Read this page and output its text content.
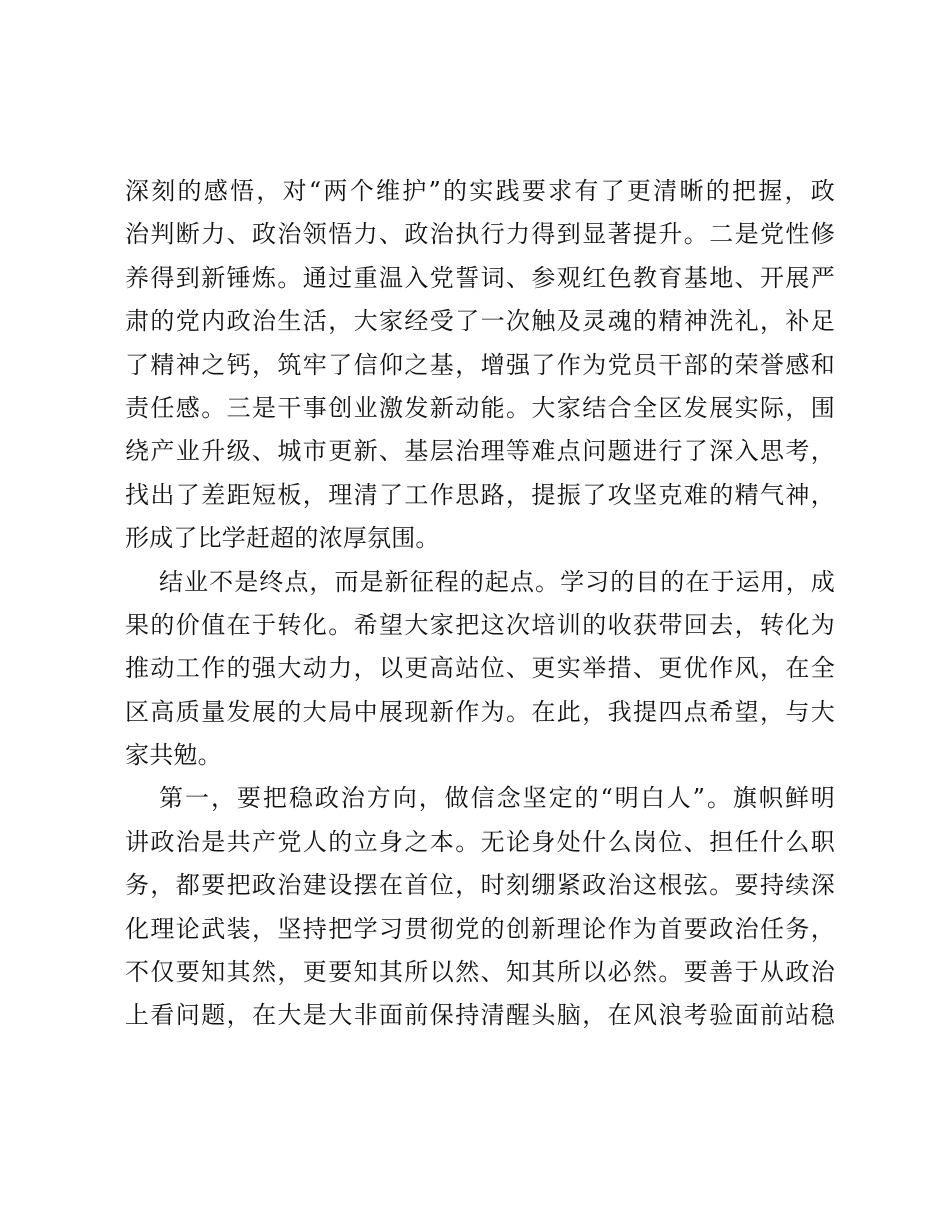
深刻的感悟，对“两个维护”的实践要求有了更清晰的把握，政
治判断力、政治领悟力、政治执行力得到显著提升。二是党性修
养得到新锤炼。通过重温入党誓词、参观红色教育基地、开展严
肃的党内政治生活，大家经受了一次触及灵魂的精神洗礼，补足
了精神之钙，筑牢了信仰之基，增强了作为党员干部的荣誉感和
责任感。三是干事创业激发新动能。大家结合全区发展实际，围
绕产业升级、城市更新、基层治理等难点问题进行了深入思考，
找出了差距短板，理清了工作思路，提振了攻坚克难的精气神，
形成了比学赶超的浓厚氛围。
结业不是终点，而是新征程的起点。学习的目的在于运用，成
果的价值在于转化。希望大家把这次培训的收获带回去，转化为
推动工作的强大动力，以更高站位、更实举措、更优作风，在全
区高质量发展的大局中展现新作为。在此，我提四点希望，与大
家共勉。
第一，要把稳政治方向，做信念坚定的“明白人”。旗帜鲜明
讲政治是共产党人的立身之本。无论身处什么岗位、担任什么职
务，都要把政治建设摆在首位，时刻绷紧政治这根弦。要持续深
化理论武装，坚持把学习贯彻党的创新理论作为首要政治任务，
不仅要知其然，更要知其所以然、知其所以必然。要善于从政治
上看问题，在大是大非面前保持清醒头脑，在风浪考验面前站稳
